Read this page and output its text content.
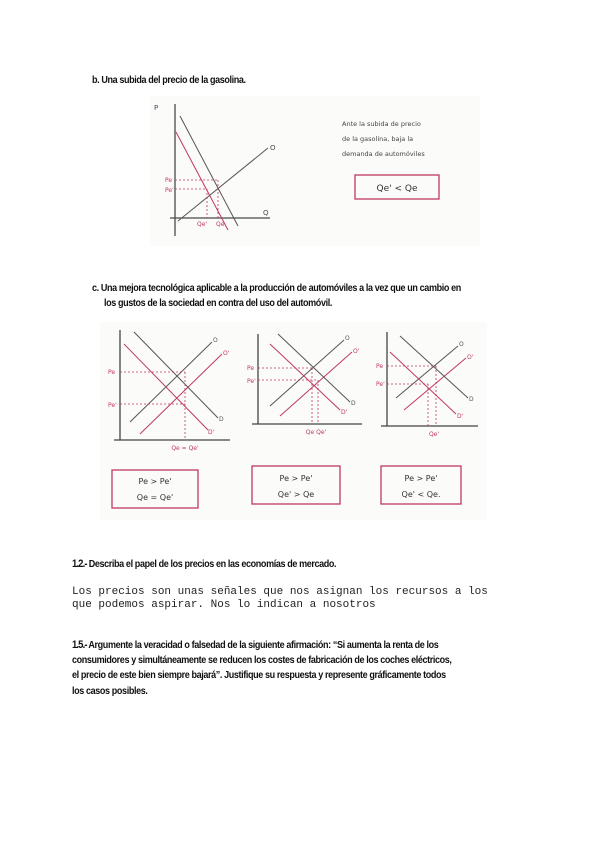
b. Una subida del precio de la gasolina.
P
Q
O
Pe
Pe'
Qe' Qe
Ante la subida de precio
de la gasolina, baja la
demanda de automóviles
Qe' < Qe
c. Una mejora tecnológica aplicable a la producción de automóviles a la vez que un cambio en
los gustos de la sociedad en contra del uso del automóvil.
Pe
Pe'
Qe = Qe'
O
O'
D
D'
Pe > Pe'
Qe = Qe'
Pe
Pe'
Qe Qe'
O
O'
D
D'
Pe > Pe'
Qe' > Qe
Pe
Pe'
Qe'
O
O'
D
D'
Pe > Pe'
Qe' < Qe.
1.2.- Describa el papel de los precios en las economías de mercado.
Los precios son unas señales que nos asignan los recursos a los
que podemos aspirar. Nos lo indican a nosotros
1.5.- Argumente la veracidad o falsedad de la siguiente afirmación: “Si aumenta la renta de los
consumidores y simultáneamente se reducen los costes de fabricación de los coches eléctricos,
el precio de este bien siempre bajará”. Justifique su respuesta y represente gráficamente todos
los casos posibles.
